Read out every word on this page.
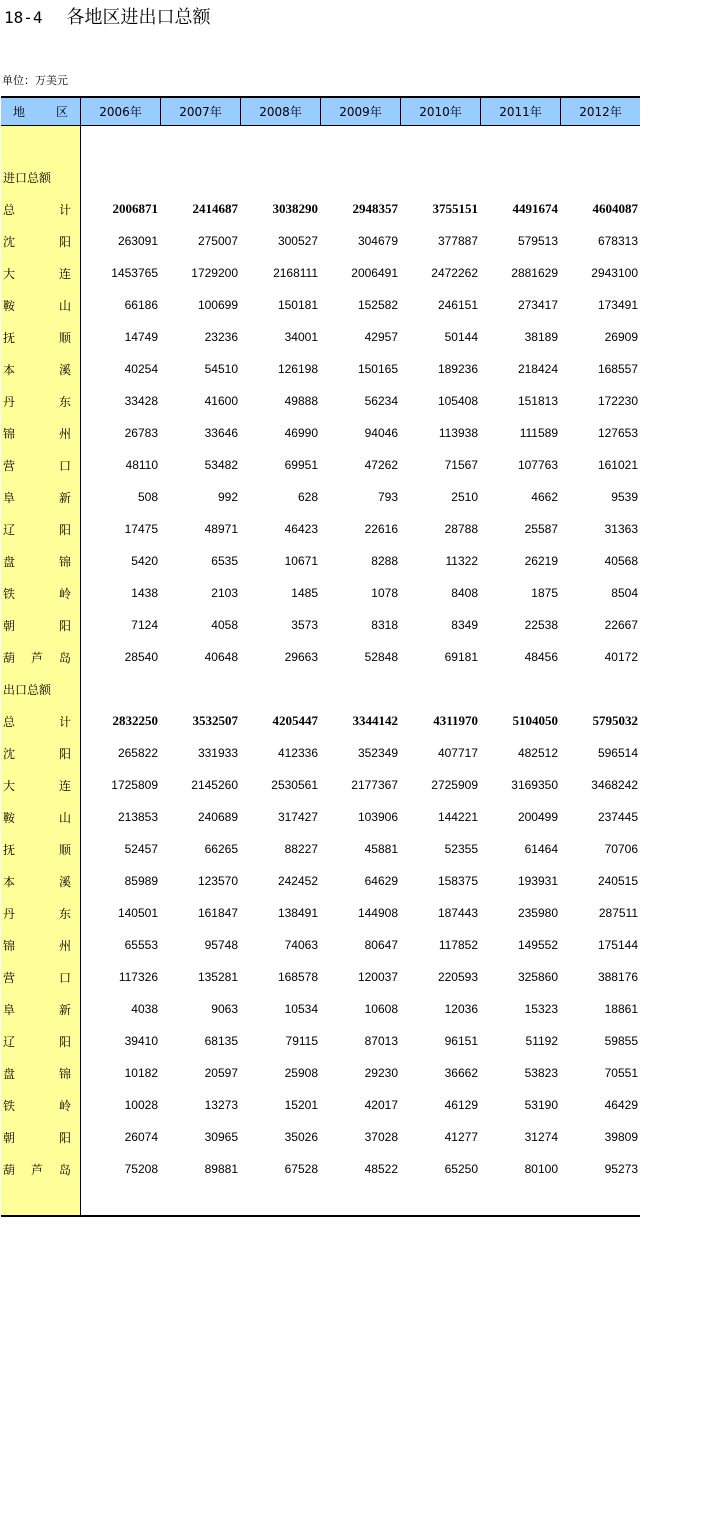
18-4 各地区进出口总额
单位：万美元
地	区	2006年	2007年	2008年	2009年	2010年	2011年	2012年
进口总额
总	计	2006871	2414687	3038290	2948357	3755151	4491674	4604087
沈	阳	263091	275007	300527	304679	377887	579513	678313
大	连	1453765	1729200	2168111	2006491	2472262	2881629	2943100
鞍	山	66186	100699	150181	152582	246151	273417	173491
抚	顺	14749	23236	34001	42957	50144	38189	26909
本	溪	40254	54510	126198	150165	189236	218424	168557
丹	东	33428	41600	49888	56234	105408	151813	172230
锦	州	26783	33646	46990	94046	113938	111589	127653
营	口	48110	53482	69951	47262	71567	107763	161021
阜	新	508	992	628	793	2510	4662	9539
辽	阳	17475	48971	46423	22616	28788	25587	31363
盘	锦	5420	6535	10671	8288	11322	26219	40568
铁	岭	1438	2103	1485	1078	8408	1875	8504
朝	阳	7124	4058	3573	8318	8349	22538	22667
葫 芦 岛	28540	40648	29663	52848	69181	48456	40172
出口总额
总	计	2832250	3532507	4205447	3344142	4311970	5104050	5795032
沈	阳	265822	331933	412336	352349	407717	482512	596514
大	连	1725809	2145260	2530561	2177367	2725909	3169350	3468242
鞍	山	213853	240689	317427	103906	144221	200499	237445
抚	顺	52457	66265	88227	45881	52355	61464	70706
本	溪	85989	123570	242452	64629	158375	193931	240515
丹	东	140501	161847	138491	144908	187443	235980	287511
锦	州	65553	95748	74063	80647	117852	149552	175144
营	口	117326	135281	168578	120037	220593	325860	388176
阜	新	4038	9063	10534	10608	12036	15323	18861
辽	阳	39410	68135	79115	87013	96151	51192	59855
盘	锦	10182	20597	25908	29230	36662	53823	70551
铁	岭	10028	13273	15201	42017	46129	53190	46429
朝	阳	26074	30965	35026	37028	41277	31274	39809
葫 芦 岛	75208	89881	67528	48522	65250	80100	95273
